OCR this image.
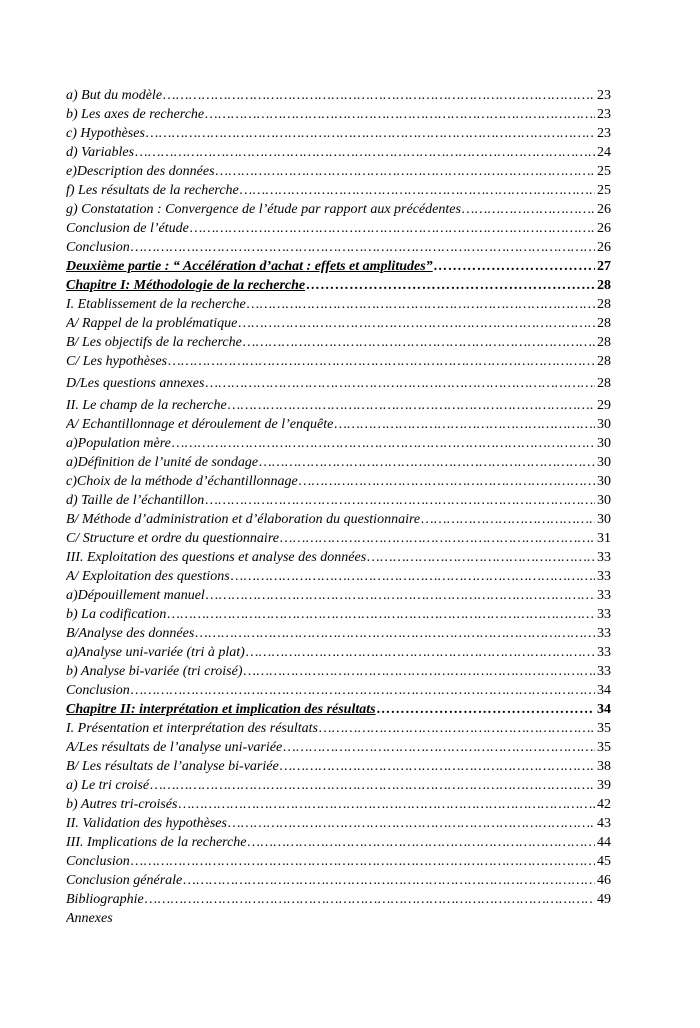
a) But du modèle …………………………………………………………………………………………………………………………………………………………………………………………………	23
b) Les axes de recherche …………………………………………………………………………………………………………………………………………………………………………………………………	23
c) Hypothèses …………………………………………………………………………………………………………………………………………………………………………………………………	23
d) Variables …………………………………………………………………………………………………………………………………………………………………………………………………	24
e)Description des données …………………………………………………………………………………………………………………………………………………………………………………………………	25
f) Les résultats de la recherche …………………………………………………………………………………………………………………………………………………………………………………………………	25
g) Constatation : Convergence de l’étude par rapport aux précédentes …………………………………………………………………………………………………………………………………………………………………………………………………	26
Conclusion de l’étude …………………………………………………………………………………………………………………………………………………………………………………………………	26
Conclusion …………………………………………………………………………………………………………………………………………………………………………………………………	26
Deuxième partie : “ Accélération d’achat : effets et amplitudes” …………………………………………………………………………………………………………………………………………………………………………………………………	27
Chapitre I: Méthodologie de la recherche …………………………………………………………………………………………………………………………………………………………………………………………………	28
I. Etablissement de la recherche …………………………………………………………………………………………………………………………………………………………………………………………………	28
A/ Rappel de la problématique …………………………………………………………………………………………………………………………………………………………………………………………………	28
B/ Les objectifs de la recherche …………………………………………………………………………………………………………………………………………………………………………………………………	28
C/ Les hypothèses …………………………………………………………………………………………………………………………………………………………………………………………………	28
D/Les questions annexes …………………………………………………………………………………………………………………………………………………………………………………………………	28
II. Le champ de la recherche …………………………………………………………………………………………………………………………………………………………………………………………………	29
A/ Echantillonnage et déroulement de l’enquête …………………………………………………………………………………………………………………………………………………………………………………………………	30
a)Population mère …………………………………………………………………………………………………………………………………………………………………………………………………	30
a)Définition de l’unité de sondage …………………………………………………………………………………………………………………………………………………………………………………………………	30
c)Choix de la méthode d’échantillonnage …………………………………………………………………………………………………………………………………………………………………………………………………	30
d) Taille de l’échantillon …………………………………………………………………………………………………………………………………………………………………………………………………	30
B/ Méthode d’administration et d’élaboration du questionnaire …………………………………………………………………………………………………………………………………………………………………………………………………	30
C/ Structure et ordre du questionnaire …………………………………………………………………………………………………………………………………………………………………………………………………	31
III. Exploitation des questions et analyse des données …………………………………………………………………………………………………………………………………………………………………………………………………	33
A/ Exploitation des questions …………………………………………………………………………………………………………………………………………………………………………………………………	33
a)Dépouillement manuel …………………………………………………………………………………………………………………………………………………………………………………………………	33
b) La codification …………………………………………………………………………………………………………………………………………………………………………………………………	33
B/Analyse des données …………………………………………………………………………………………………………………………………………………………………………………………………	33
a)Analyse uni-variée (tri à plat) …………………………………………………………………………………………………………………………………………………………………………………………………	33
b) Analyse bi-variée (tri croisé) …………………………………………………………………………………………………………………………………………………………………………………………………	33
Conclusion …………………………………………………………………………………………………………………………………………………………………………………………………	34
Chapitre II: interprétation et implication des résultats …………………………………………………………………………………………………………………………………………………………………………………………………	34
I. Présentation et interprétation des résultats …………………………………………………………………………………………………………………………………………………………………………………………………	35
A/Les résultats de l’analyse uni-variée …………………………………………………………………………………………………………………………………………………………………………………………………	35
B/ Les résultats de l’analyse bi-variée …………………………………………………………………………………………………………………………………………………………………………………………………	38
a) Le tri croisé …………………………………………………………………………………………………………………………………………………………………………………………………	39
b) Autres tri-croisés …………………………………………………………………………………………………………………………………………………………………………………………………	42
II. Validation des hypothèses …………………………………………………………………………………………………………………………………………………………………………………………………	43
III. Implications de la recherche …………………………………………………………………………………………………………………………………………………………………………………………………	44
Conclusion …………………………………………………………………………………………………………………………………………………………………………………………………	45
Conclusion générale …………………………………………………………………………………………………………………………………………………………………………………………………	46
Bibliographie …………………………………………………………………………………………………………………………………………………………………………………………………	49
Annexes
